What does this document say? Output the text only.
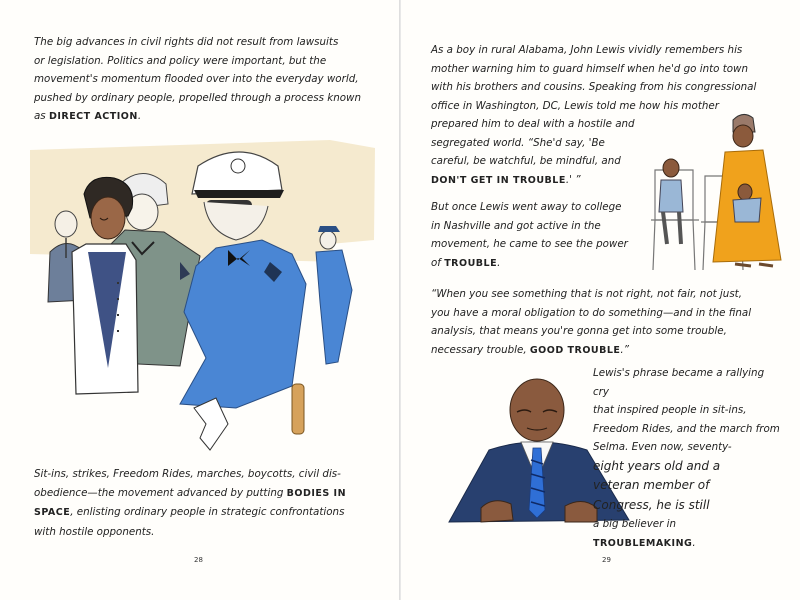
The big advances in civil rights did not result from lawsuits
or legislation. Politics and policy were important, but the
movement's momentum flooded over into the everyday world,
pushed by ordinary people, propelled through a process known
as DIRECT ACTION.

Sit-ins, strikes, Freedom Rides, marches, boycotts, civil dis-
obedience—the movement advanced by putting BODIES IN SPACE, enlisting ordinary people in strategic confrontations
with hostile opponents.

28

As a boy in rural Alabama, John Lewis vividly remembers his
mother warning him to guard himself when he'd go into town
with his brothers and cousins. Speaking from his congressional
office in Washington, DC, Lewis told me how his mother
prepared him to deal with a hostile and
segregated world. “She'd say, 'Be
careful, be watchful, be mindful, and
DON'T GET IN TROUBLE.' ”

But once Lewis went away to college
in Nashville and got active in the
movement, he came to see the power
of TROUBLE.

“When you see something that is not right, not fair, not just,
you have a moral obligation to do something—and in the final
analysis, that means you're gonna get into some trouble,
necessary trouble, GOOD TROUBLE.”

Lewis's phrase became a rallying cry
that inspired people in sit-ins,
Freedom Rides, and the march from
Selma. Even now, seventy-
eight years old and a
veteran member of
Congress, he is still
a big believer in
TROUBLEMAKING.

29
